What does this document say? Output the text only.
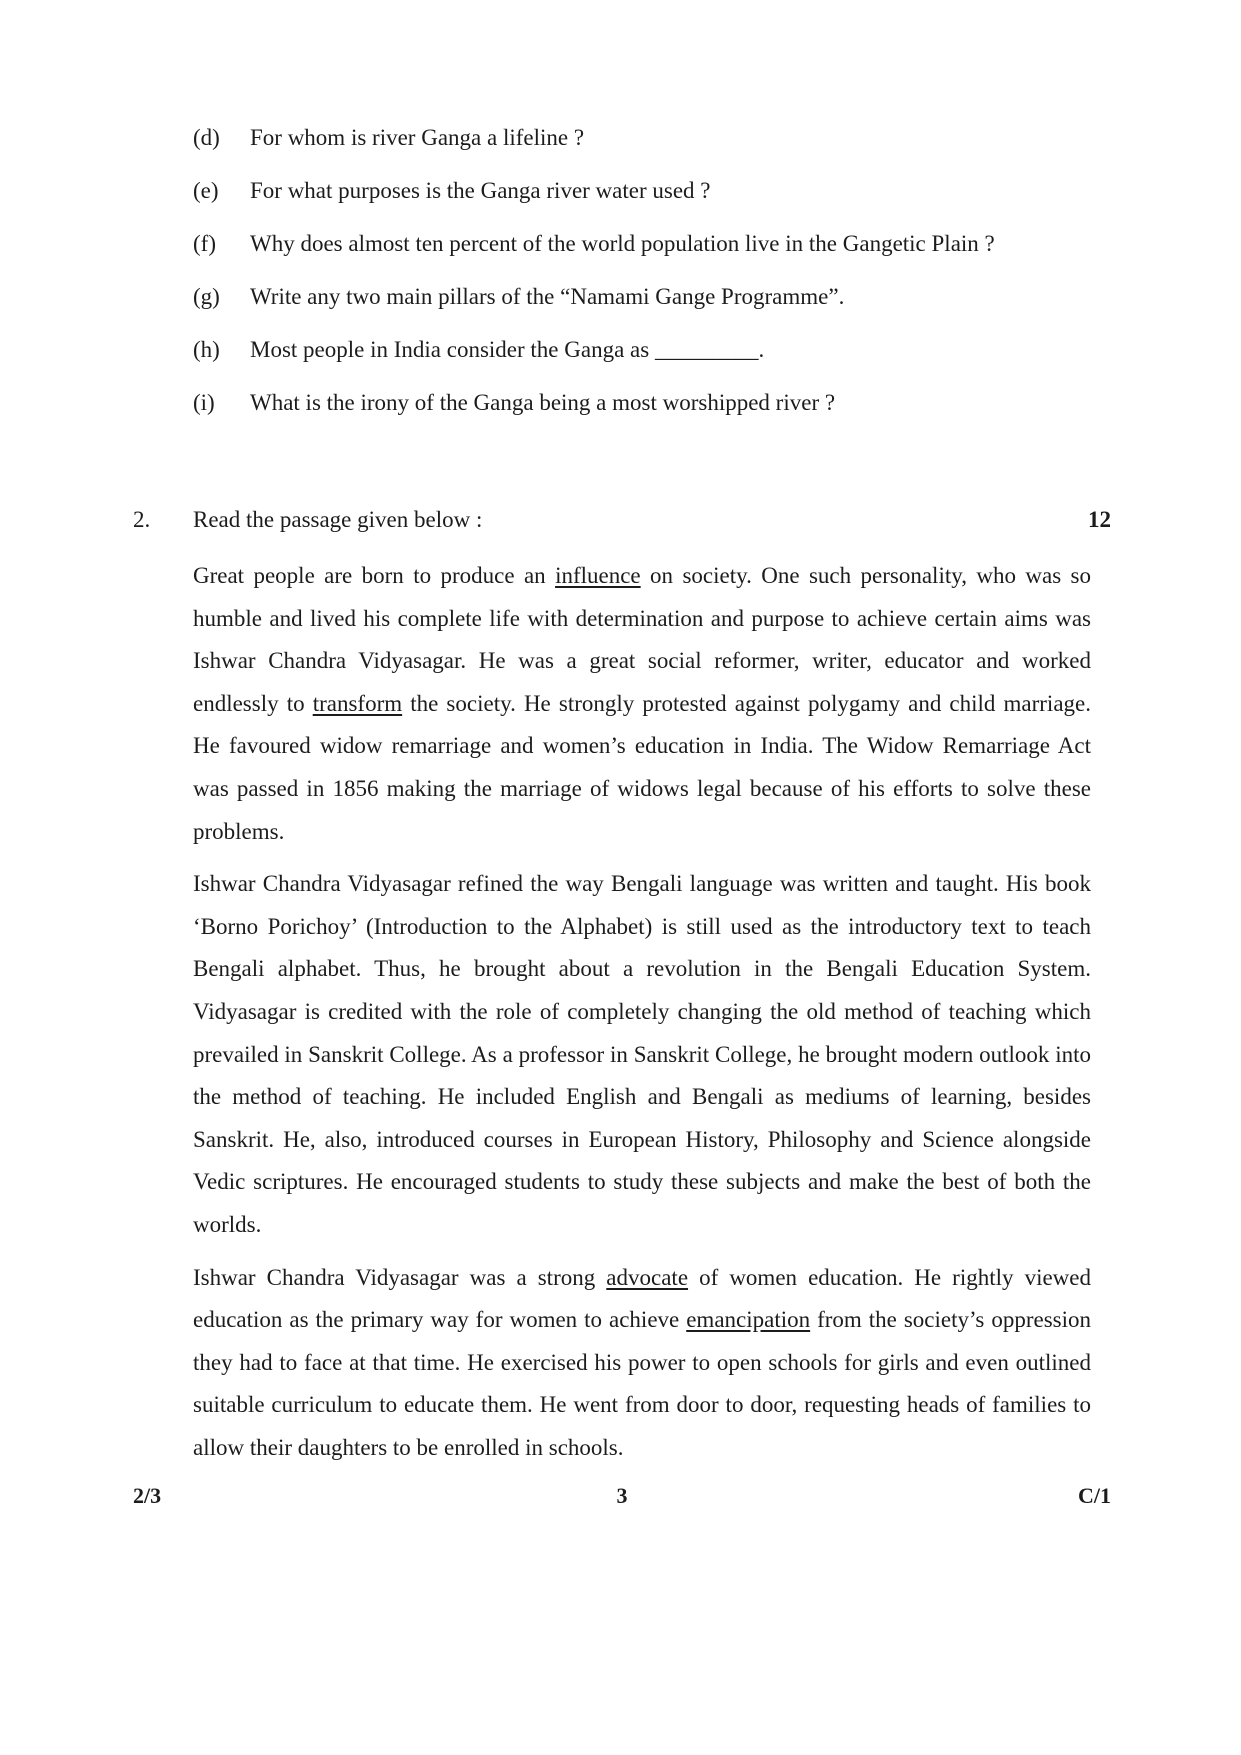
(d) For whom is river Ganga a lifeline ?
(e) For what purposes is the Ganga river water used ?
(f) Why does almost ten percent of the world population live in the Gangetic Plain ?
(g) Write any two main pillars of the “Namami Gange Programme”.
(h) Most people in India consider the Ganga as _________.
(i) What is the irony of the Ganga being a most worshipped river ?
2. Read the passage given below :	12

Great people are born to produce an influence on society. One such personality, who was so humble and lived his complete life with determination and purpose to achieve certain aims was Ishwar Chandra Vidyasagar. He was a great social reformer, writer, educator and worked endlessly to transform the society. He strongly protested against polygamy and child marriage. He favoured widow remarriage and women’s education in India. The Widow Remarriage Act was passed in 1856 making the marriage of widows legal because of his efforts to solve these problems.

Ishwar Chandra Vidyasagar refined the way Bengali language was written and taught. His book ‘Borno Porichoy’ (Introduction to the Alphabet) is still used as the introductory text to teach Bengali alphabet. Thus, he brought about a revolution in the Bengali Education System. Vidyasagar is credited with the role of completely changing the old method of teaching which prevailed in Sanskrit College. As a professor in Sanskrit College, he brought modern outlook into the method of teaching. He included English and Bengali as mediums of learning, besides Sanskrit. He, also, introduced courses in European History, Philosophy and Science alongside Vedic scriptures. He encouraged students to study these subjects and make the best of both the worlds.

Ishwar Chandra Vidyasagar was a strong advocate of women education. He rightly viewed education as the primary way for women to achieve emancipation from the society’s oppression they had to face at that time. He exercised his power to open schools for girls and even outlined suitable curriculum to educate them. He went from door to door, requesting heads of families to allow their daughters to be enrolled in schools.

2/3	3	C/1
